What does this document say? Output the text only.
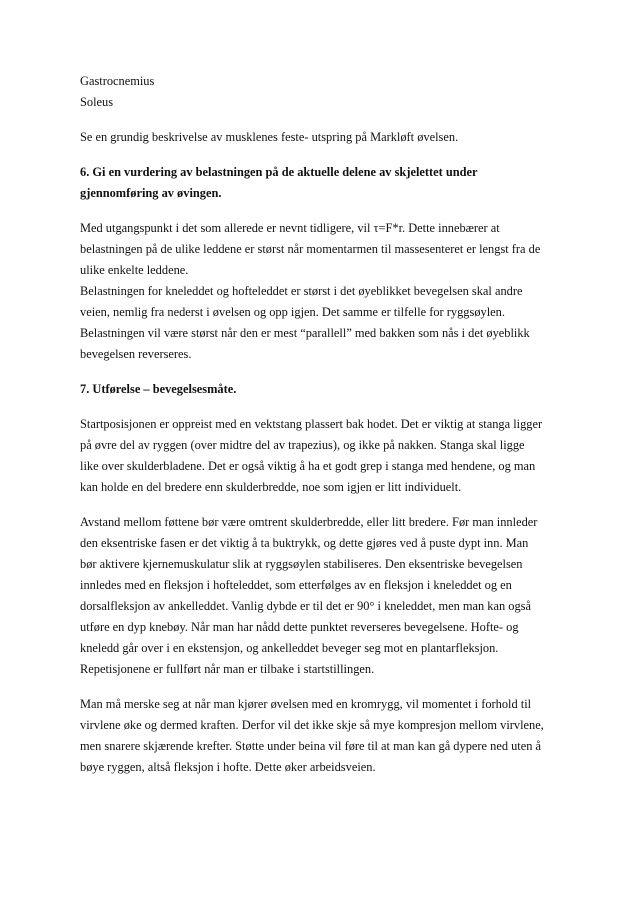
Gastrocnemius
Soleus
Se en grundig beskrivelse av musklenes feste- utspring på Markløft øvelsen.
6. Gi en vurdering av belastningen på de aktuelle delene av skjelettet under
gjennomføring av øvingen.
Med utgangspunkt i det som allerede er nevnt tidligere, vil τ=F*r. Dette innebærer at
belastningen på de ulike leddene er størst når momentarmen til massesenteret er lengst fra de
ulike enkelte leddene.
Belastningen for kneleddet og hofteleddet er størst i det øyeblikket bevegelsen skal andre
veien, nemlig fra nederst i øvelsen og opp igjen. Det samme er tilfelle for ryggsøylen.
Belastningen vil være størst når den er mest “parallell” med bakken som nås i det øyeblikk
bevegelsen reverseres.
7. Utførelse – bevegelsesmåte.
Startposisjonen er oppreist med en vektstang plassert bak hodet. Det er viktig at stanga ligger
på øvre del av ryggen (over midtre del av trapezius), og ikke på nakken. Stanga skal ligge
like over skulderbladene. Det er også viktig å ha et godt grep i stanga med hendene, og man
kan holde en del bredere enn skulderbredde, noe som igjen er litt individuelt.
Avstand mellom føttene bør være omtrent skulderbredde, eller litt bredere. Før man innleder
den eksentriske fasen er det viktig å ta buktrykk, og dette gjøres ved å puste dypt inn. Man
bør aktivere kjernemuskulatur slik at ryggsøylen stabiliseres. Den eksentriske bevegelsen
innledes med en fleksjon i hofteleddet, som etterfølges av en fleksjon i kneleddet og en
dorsalfleksjon av ankelleddet. Vanlig dybde er til det er 90° i kneleddet, men man kan også
utføre en dyp knebøy. Når man har nådd dette punktet reverseres bevegelsene. Hofte- og
kneledd går over i en ekstensjon, og ankelleddet beveger seg mot en plantarfleksjon.
Repetisjonene er fullført når man er tilbake i startstillingen.
Man må merske seg at når man kjører øvelsen med en kromrygg, vil momentet i forhold til
virvlene øke og dermed kraften. Derfor vil det ikke skje så mye kompresjon mellom virvlene,
men snarere skjærende krefter. Støtte under beina vil føre til at man kan gå dypere ned uten å
bøye ryggen, altså fleksjon i hofte. Dette øker arbeidsveien.
